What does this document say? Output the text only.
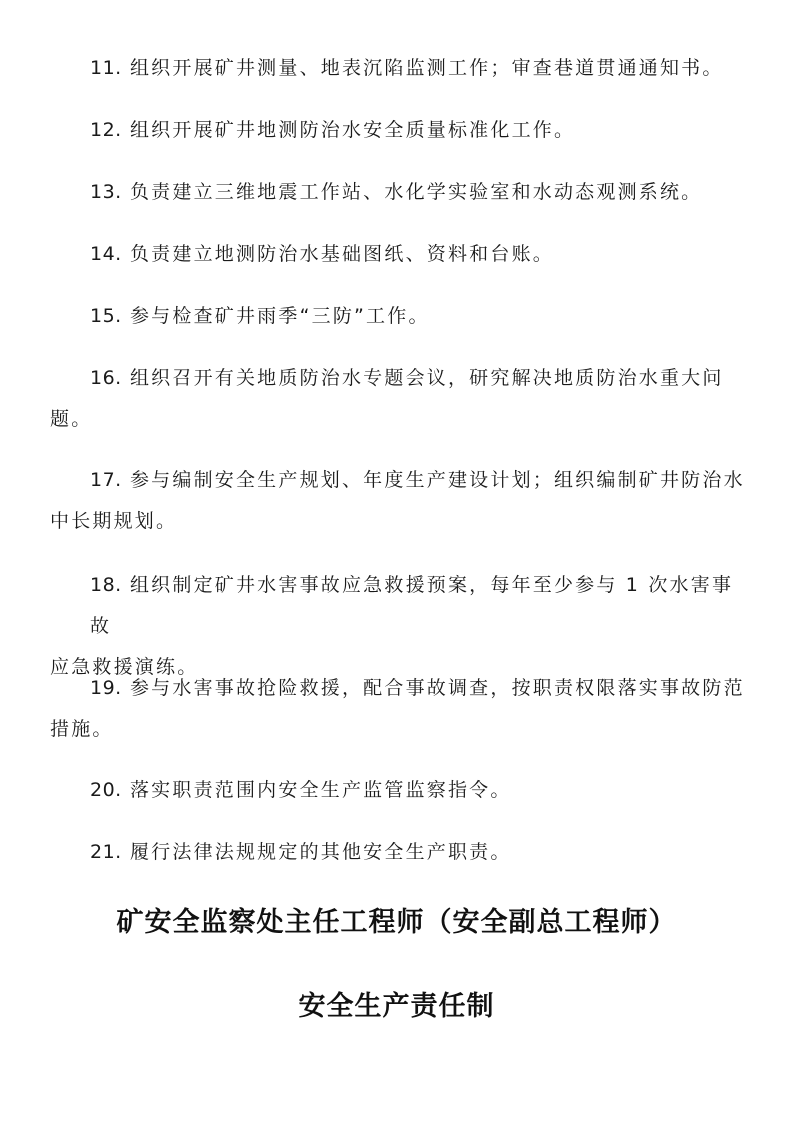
11. 组织开展矿井测量、地表沉陷监测工作；审查巷道贯通通知书。

12. 组织开展矿井地测防治水安全质量标准化工作。

13. 负责建立三维地震工作站、水化学实验室和水动态观测系统。

14. 负责建立地测防治水基础图纸、资料和台账。

15. 参与检查矿井雨季“三防”工作。

16. 组织召开有关地质防治水专题会议，研究解决地质防治水重大问
题。

17. 参与编制安全生产规划、年度生产建设计划；组织编制矿井防治水
中长期规划。

18. 组织制定矿井水害事故应急救援预案，每年至少参与 1 次水害事故
应急救援演练。

19. 参与水害事故抢险救援，配合事故调查，按职责权限落实事故防范
措施。

20. 落实职责范围内安全生产监管监察指令。

21. 履行法律法规规定的其他安全生产职责。

矿安全监察处主任工程师（安全副总工程师）
安全生产责任制
